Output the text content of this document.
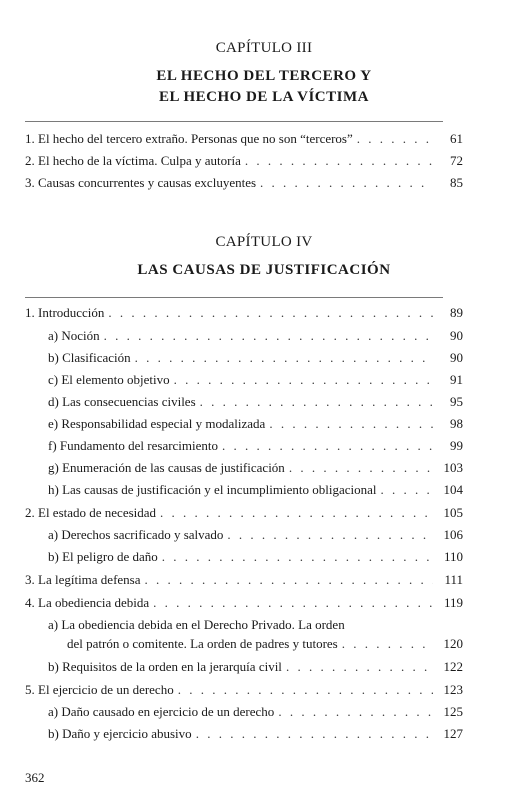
CAPÍTULO III
EL HECHO DEL TERCERO Y
EL HECHO DE LA VÍCTIMA
1. El hecho del tercero extraño. Personas que no son “terceros” . . .	61
2. El hecho de la víctima. Culpa y autoría . . .	72
3. Causas concurrentes y causas excluyentes . . .	85
CAPÍTULO IV
LAS CAUSAS DE JUSTIFICACIÓN
1. Introducción . . .	89
a) Noción . . .	90
b) Clasificación . . .	90
c) El elemento objetivo . . .	91
d) Las consecuencias civiles . . .	95
e) Responsabilidad especial y modalizada . . .	98
f) Fundamento del resarcimiento . . .	99
g) Enumeración de las causas de justificación . . .	103
h) Las causas de justificación y el incumplimiento obligacional . . .	104
2. El estado de necesidad . . .	105
a) Derechos sacrificado y salvado . . .	106
b) El peligro de daño . . .	110
3. La legítima defensa . . .	111
4. La obediencia debida . . .	119
a) La obediencia debida en el Derecho Privado. La orden
del patrón o comitente. La orden de padres y tutores . . .	120
b) Requisitos de la orden en la jerarquía civil . . .	122
5. El ejercicio de un derecho . . .	123
a) Daño causado en ejercicio de un derecho . . .	125
b) Daño y ejercicio abusivo . . .	127
362
